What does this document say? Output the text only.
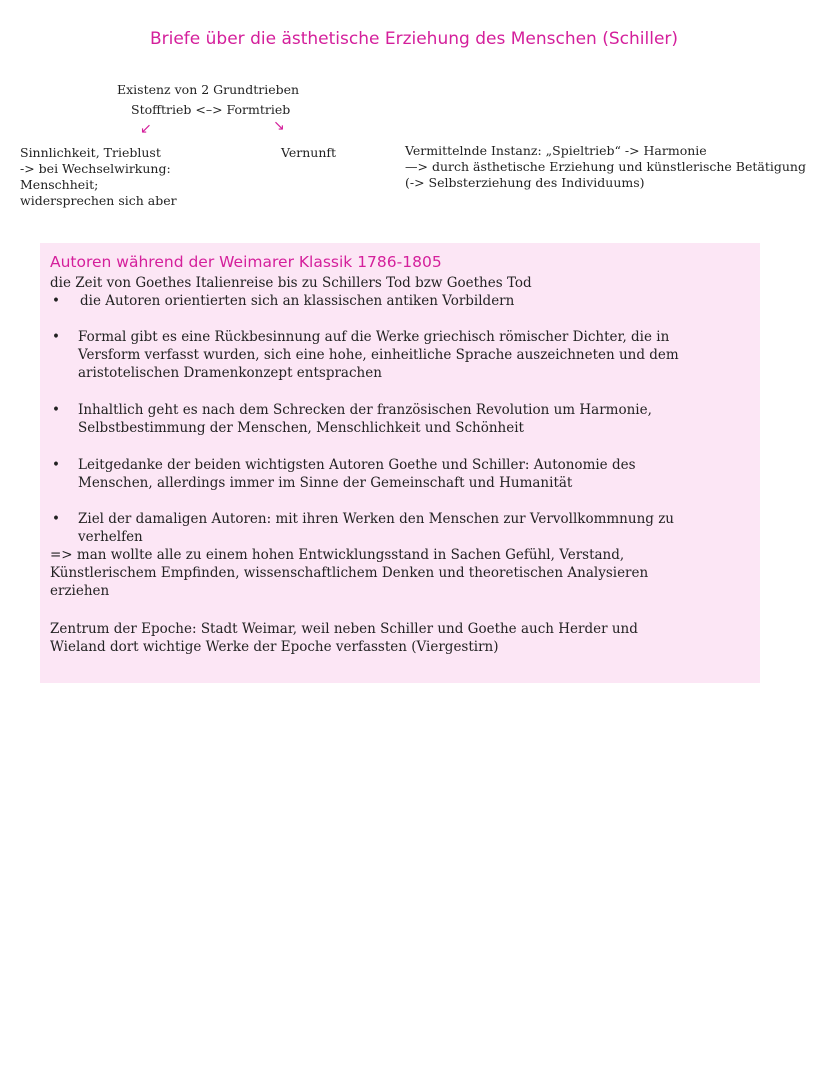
Briefe über die ästhetische Erziehung des Menschen (Schiller)
Existenz von 2 Grundtrieben
Stofftrieb <–> Formtrieb
↙	↘
Sinnlichkeit, Trieblust
-> bei Wechselwirkung:
Menschheit;
widersprechen sich aber
Vernunft	Vermittelnde Instanz: „Spieltrieb“ -> Harmonie
—> durch ästhetische Erziehung und künstlerische Betätigung
(-> Selbsterziehung des Individuums)
Autoren während der Weimarer Klassik 1786-1805
die Zeit von Goethes Italienreise bis zu Schillers Tod bzw Goethes Tod
• die Autoren orientierten sich an klassischen antiken Vorbildern
• Formal gibt es eine Rückbesinnung auf die Werke griechisch römischer Dichter, die in
Versform verfasst wurden, sich eine hohe, einheitliche Sprache auszeichneten und dem
aristotelischen Dramenkonzept entsprachen
• Inhaltlich geht es nach dem Schrecken der französischen Revolution um Harmonie,
Selbstbestimmung der Menschen, Menschlichkeit und Schönheit
• Leitgedanke der beiden wichtigsten Autoren Goethe und Schiller: Autonomie des
Menschen, allerdings immer im Sinne der Gemeinschaft und Humanität
• Ziel der damaligen Autoren: mit ihren Werken den Menschen zur Vervollkommnung zu
verhelfen
=> man wollte alle zu einem hohen Entwicklungsstand in Sachen Gefühl, Verstand,
Künstlerischem Empfinden, wissenschaftlichem Denken und theoretischen Analysieren
erziehen
Zentrum der Epoche: Stadt Weimar, weil neben Schiller und Goethe auch Herder und
Wieland dort wichtige Werke der Epoche verfassten (Viergestirn)
